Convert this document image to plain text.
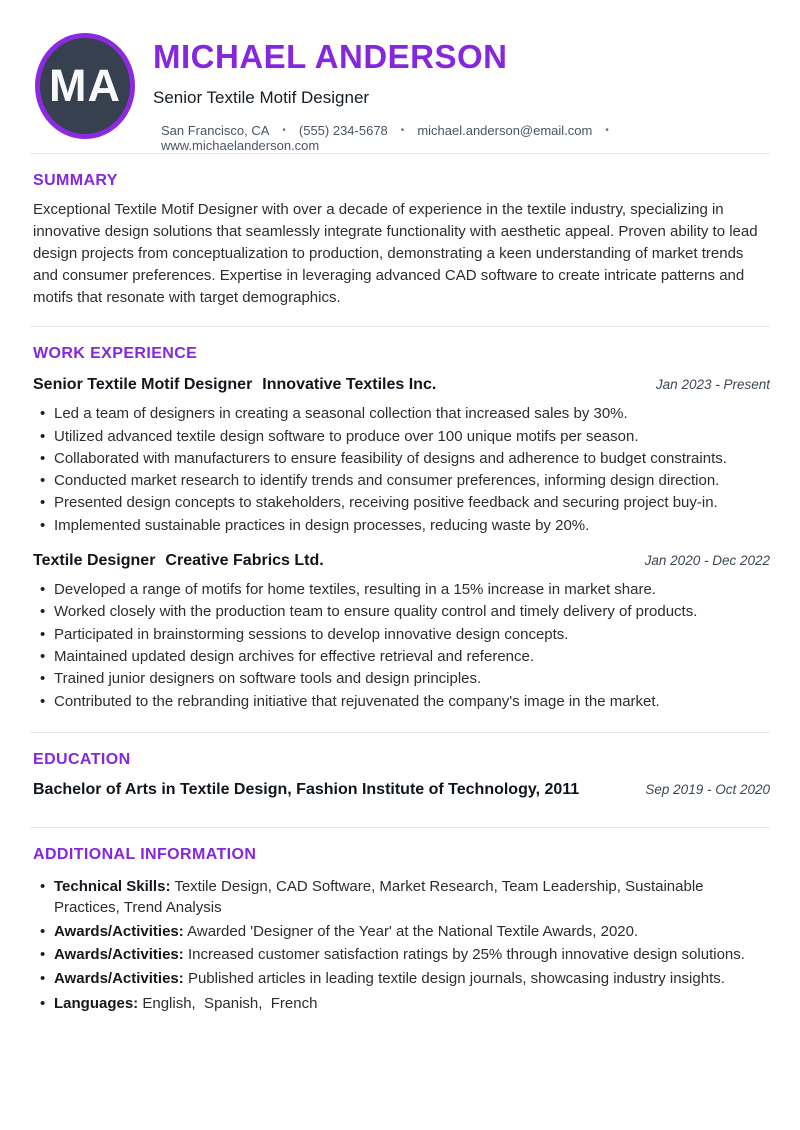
MA
MICHAEL ANDERSON
Senior Textile Motif Designer
San Francisco, CA • (555) 234-5678 • michael.anderson@email.com •
www.michaelanderson.com
SUMMARY

Exceptional Textile Motif Designer with over a decade of experience in the textile industry, specializing in innovative design solutions that seamlessly integrate functionality with aesthetic appeal. Proven ability to lead design projects from conceptualization to production, demonstrating a keen understanding of market trends and consumer preferences. Expertise in leveraging advanced CAD software to create intricate patterns and motifs that resonate with target demographics.

WORK EXPERIENCE
Senior Textile Motif Designer Innovative Textiles Inc.	Jan 2023 - Present
• Led a team of designers in creating a seasonal collection that increased sales by 30%.
• Utilized advanced textile design software to produce over 100 unique motifs per season.
• Collaborated with manufacturers to ensure feasibility of designs and adherence to budget constraints.
• Conducted market research to identify trends and consumer preferences, informing design direction.
• Presented design concepts to stakeholders, receiving positive feedback and securing project buy-in.
• Implemented sustainable practices in design processes, reducing waste by 20%.
Textile Designer Creative Fabrics Ltd.	Jan 2020 - Dec 2022
• Developed a range of motifs for home textiles, resulting in a 15% increase in market share.
• Worked closely with the production team to ensure quality control and timely delivery of products.
• Participated in brainstorming sessions to develop innovative design concepts.
• Maintained updated design archives for effective retrieval and reference.
• Trained junior designers on software tools and design principles.
• Contributed to the rebranding initiative that rejuvenated the company's image in the market.
EDUCATION
Bachelor of Arts in Textile Design, Fashion Institute of Technology, 2011	Sep 2019 - Oct 2020
ADDITIONAL INFORMATION
• Technical Skills: Textile Design, CAD Software, Market Research, Team Leadership, Sustainable Practices, Trend Analysis
• Awards/Activities: Awarded 'Designer of the Year' at the National Textile Awards, 2020.
• Awards/Activities: Increased customer satisfaction ratings by 25% through innovative design solutions.
• Awards/Activities: Published articles in leading textile design journals, showcasing industry insights.
• Languages: English,  Spanish,  French
